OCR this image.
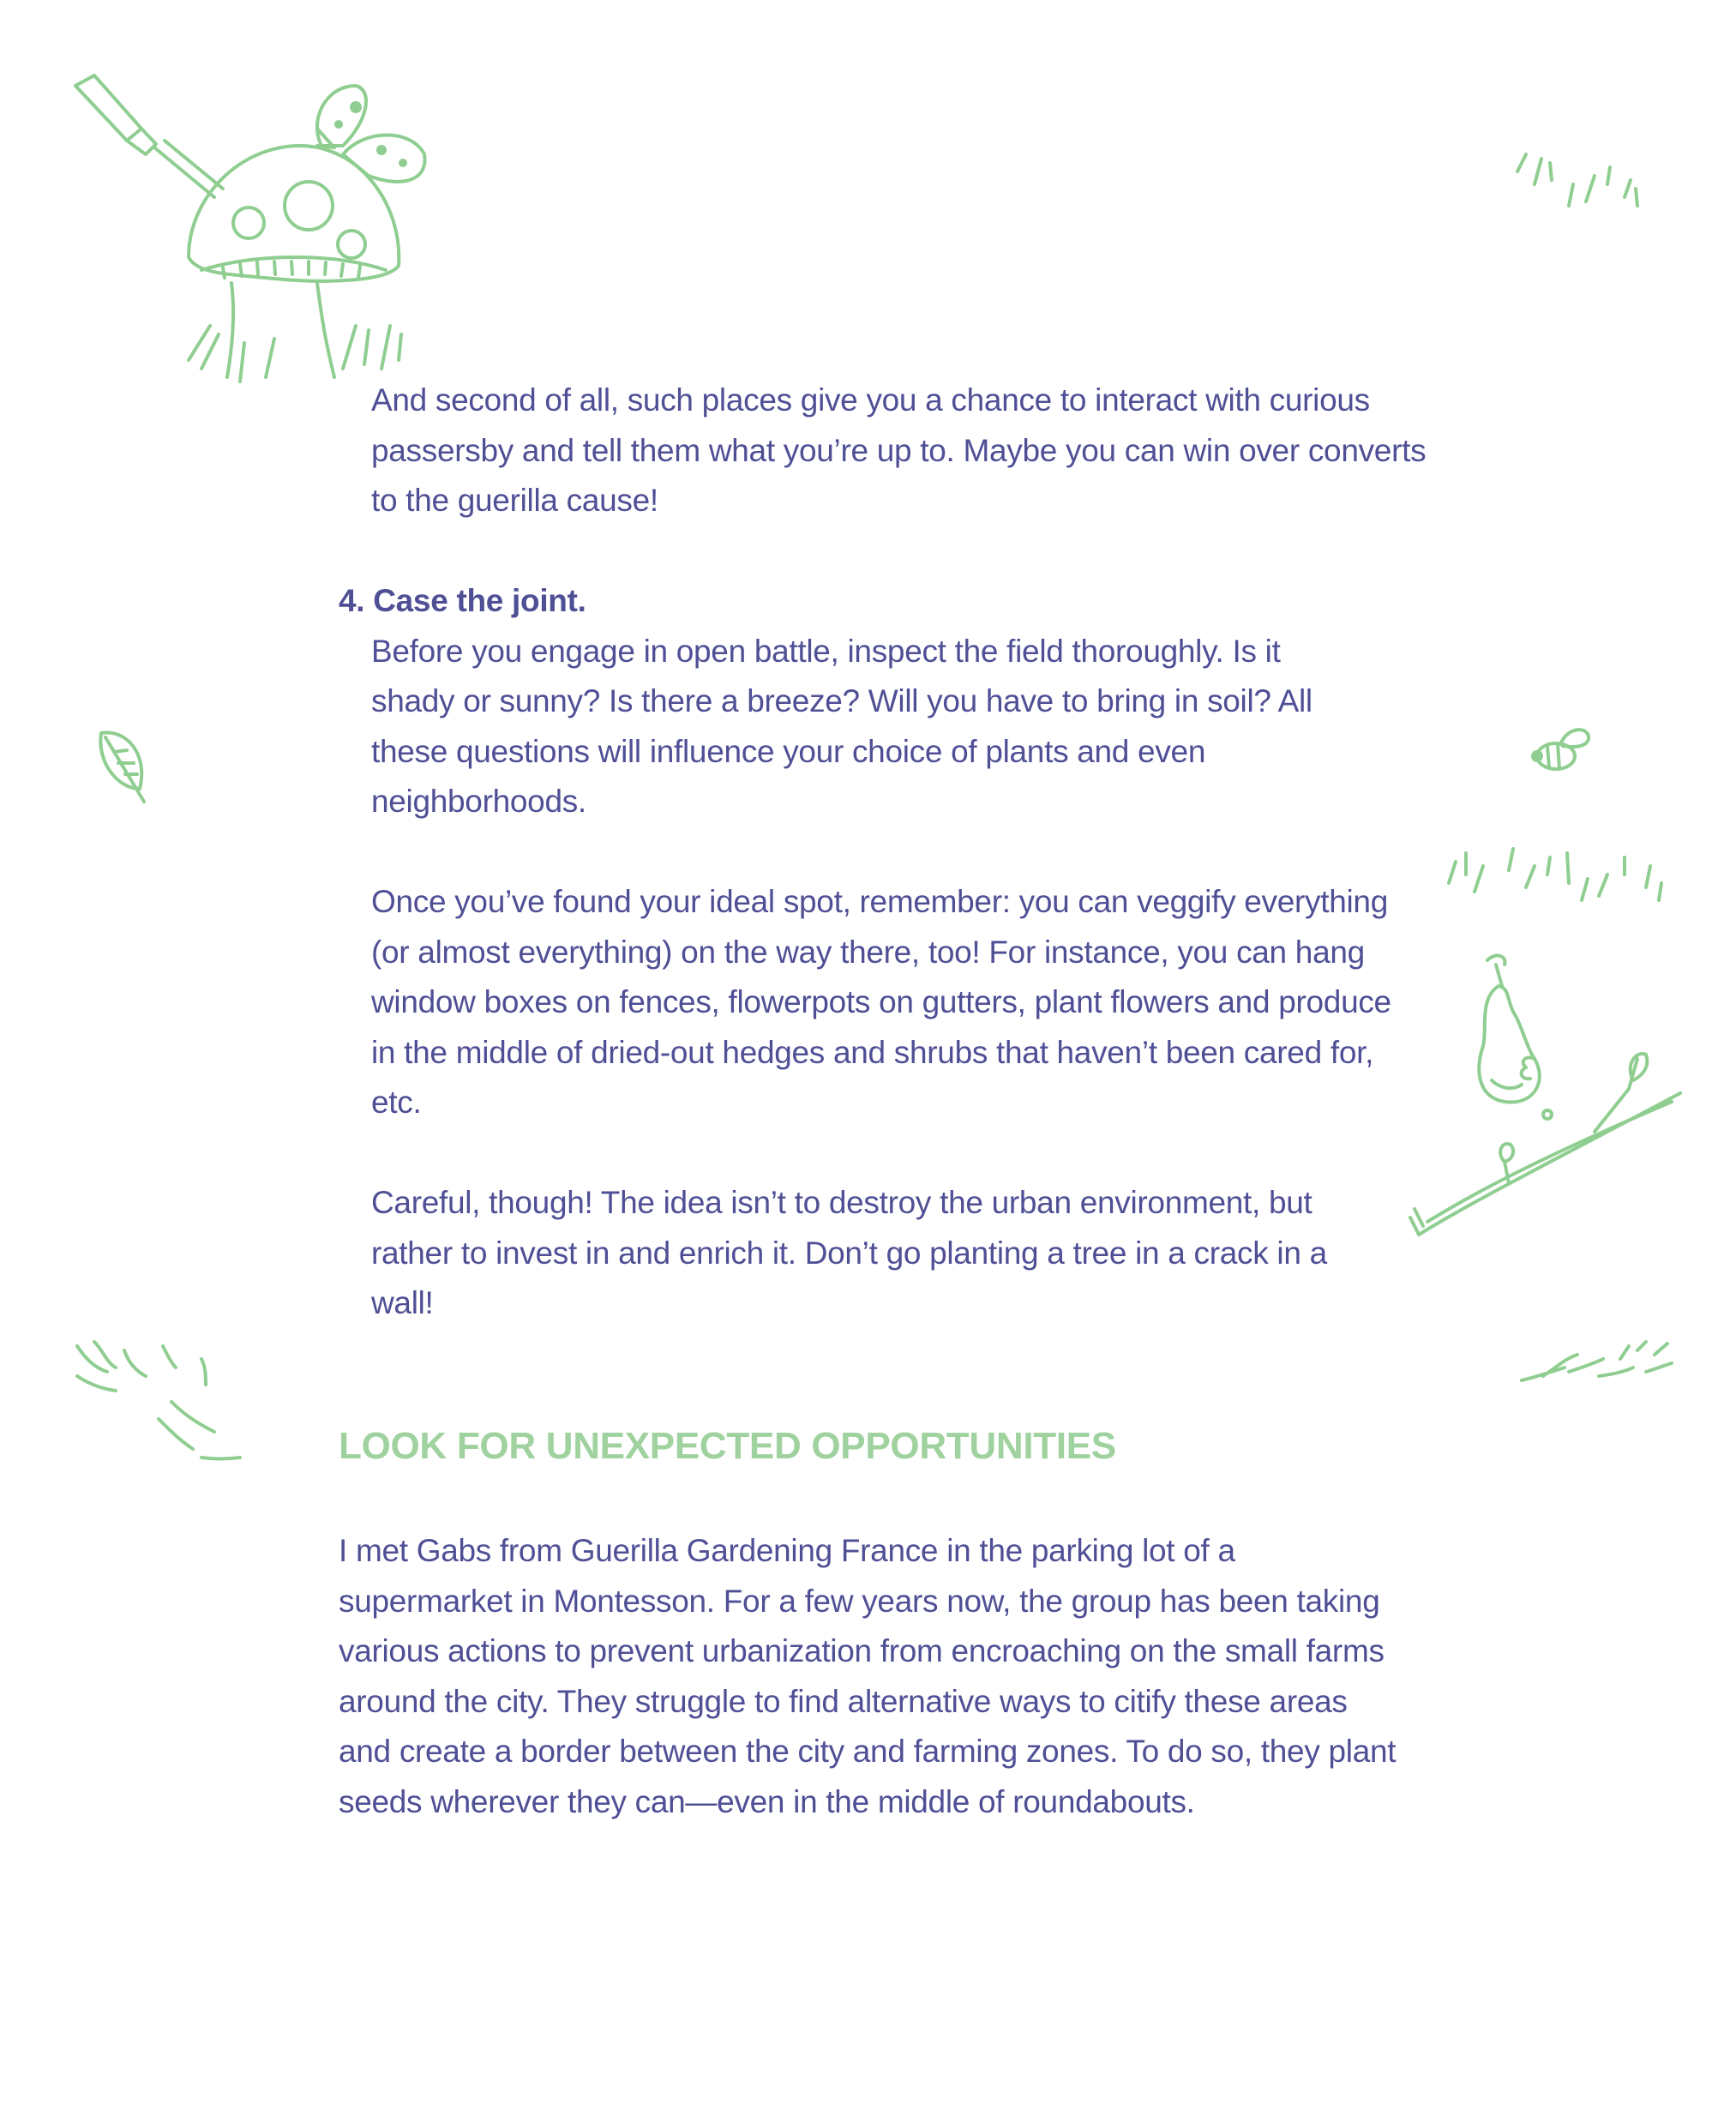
And second of all, such places give you a chance to interact with curious passersby and tell them what you’re up to. Maybe you can win over converts to the guerilla cause!

4. Case the joint.

Before you engage in open battle, inspect the field thoroughly. Is it shady or sunny? Is there a breeze? Will you have to bring in soil? All these questions will influence your choice of plants and even neighborhoods.

Once you’ve found your ideal spot, remember: you can veggify everything (or almost everything) on the way there, too! For instance, you can hang window boxes on fences, flowerpots on gutters, plant flowers and produce in the middle of dried-out hedges and shrubs that haven’t been cared for, etc.

Careful, though! The idea isn’t to destroy the urban environment, but rather to invest in and enrich it. Don’t go planting a tree in a crack in a wall!

LOOK FOR UNEXPECTED OPPORTUNITIES

I met Gabs from Guerilla Gardening France in the parking lot of a supermarket in Montesson. For a few years now, the group has been taking various actions to prevent urbanization from encroaching on the small farms around the city. They struggle to find alternative ways to citify these areas and create a border between the city and farming zones. To do so, they plant seeds wherever they can—even in the middle of roundabouts.
